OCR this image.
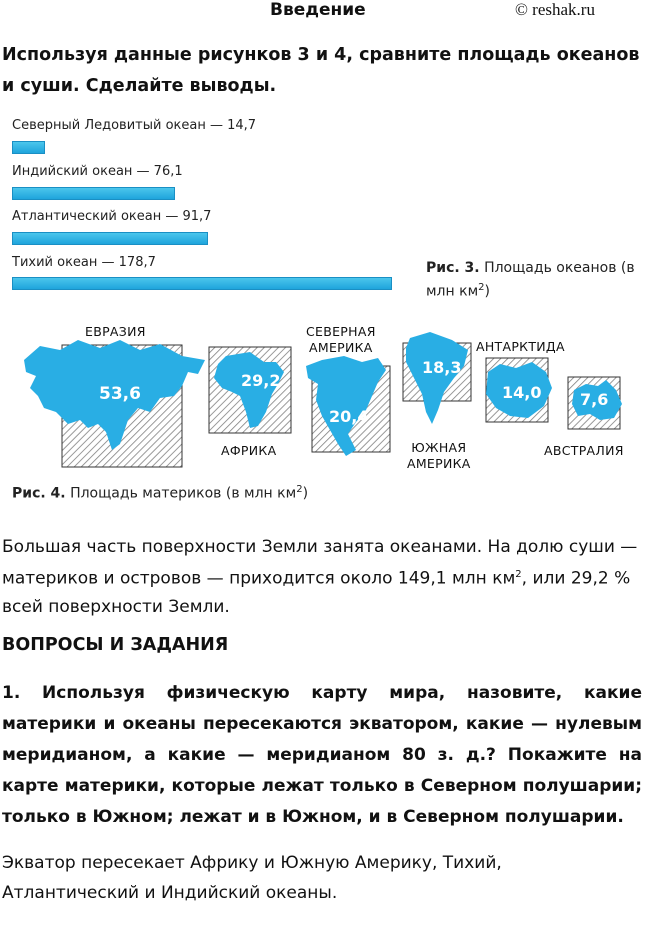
Введение	© reshak.ru
Используя данные рисунков 3 и 4, сравните площадь океанов и суши. Сделайте выводы.
Северный Ледовитый океан — 14,7
Индийский океан — 76,1
Атлантический океан — 91,7
Тихий океан — 178,7	Рис. 3. Площадь океанов (в млн $км^2$)
ЕВРАЗИЯ
53,6
АФРИКА
29,2
СЕВЕРНАЯ
АМЕРИКА
20,4
ЮЖНАЯ
АМЕРИКА
18,3
АНТАРКТИДА
14,0
АВСТРАЛИЯ
7,6
Рис. 4. Площадь материков (в млн $км^2$)
Большая часть поверхности Земли занята океанами. На долю суши — материков и островов — приходится около 149,1 млн $км^2$, или 29,2 % всей поверхности Земли.
ВОПРОСЫ И ЗАДАНИЯ
1. Используя физическую карту мира, назовите, какие материки и океаны пересекаются экватором, какие — нулевым меридианом, а какие — меридианом 80 з. д.? Покажите на карте материки, которые лежат только в Северном полушарии; только в Южном; лежат и в Южном, и в Северном полушарии.
Экватор пересекает Африку и Южную Америку, Тихий, Атлантический и Индийский океаны.
